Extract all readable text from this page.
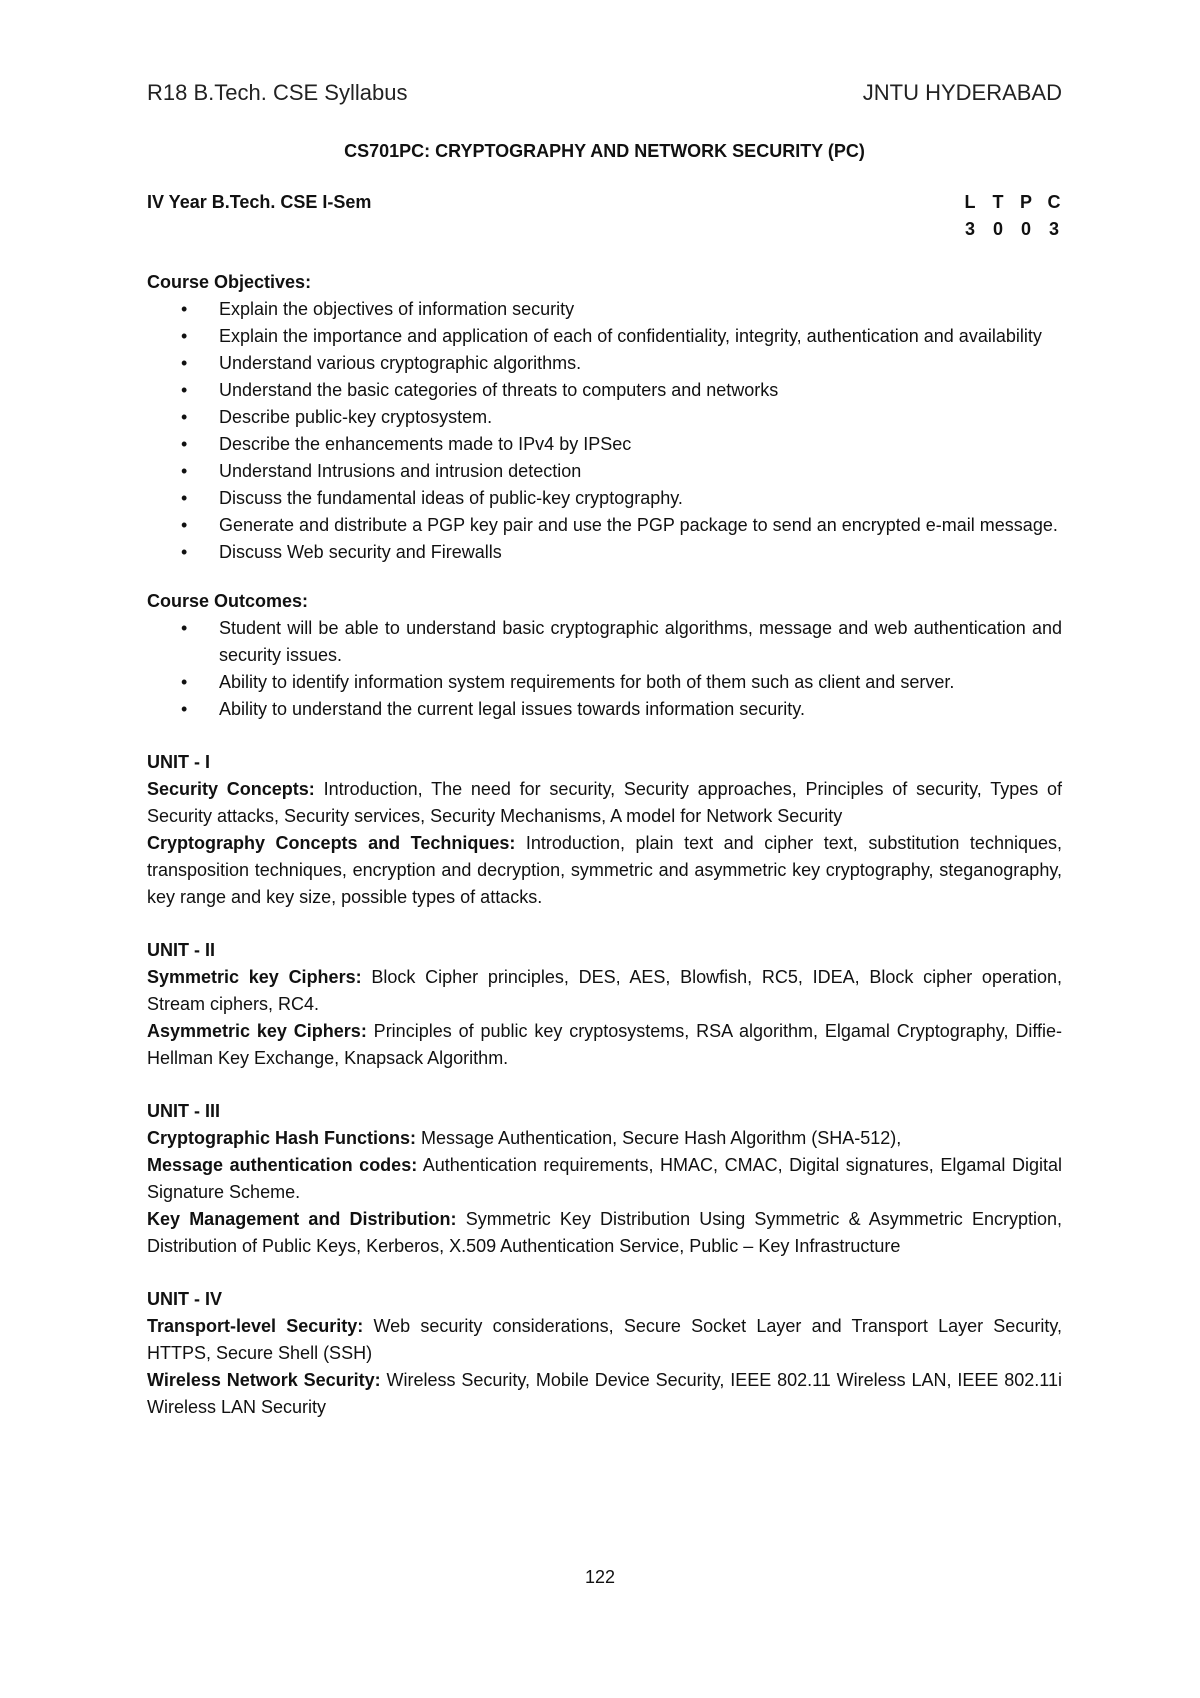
R18 B.Tech. CSE Syllabus	JNTU HYDERABAD
CS701PC: CRYPTOGRAPHY AND NETWORK SECURITY (PC)
IV Year B.Tech. CSE I-Sem	L T P C
3 0 0 3
Course Objectives:
• Explain the objectives of information security
• Explain the importance and application of each of confidentiality, integrity, authentication and availability
• Understand various cryptographic algorithms.
• Understand the basic categories of threats to computers and networks
• Describe public-key cryptosystem.
• Describe the enhancements made to IPv4 by IPSec
• Understand Intrusions and intrusion detection
• Discuss the fundamental ideas of public-key cryptography.
• Generate and distribute a PGP key pair and use the PGP package to send an encrypted e-mail message.
• Discuss Web security and Firewalls
Course Outcomes:
• Student will be able to understand basic cryptographic algorithms, message and web authentication and security issues.
• Ability to identify information system requirements for both of them such as client and server.
• Ability to understand the current legal issues towards information security.
UNIT - I

Security Concepts: Introduction, The need for security, Security approaches, Principles of security, Types of Security attacks, Security services, Security Mechanisms, A model for Network Security

Cryptography Concepts and Techniques: Introduction, plain text and cipher text, substitution techniques, transposition techniques, encryption and decryption, symmetric and asymmetric key cryptography, steganography, key range and key size, possible types of attacks.

UNIT - II

Symmetric key Ciphers: Block Cipher principles, DES, AES, Blowfish, RC5, IDEA, Block cipher operation, Stream ciphers, RC4.

Asymmetric key Ciphers: Principles of public key cryptosystems, RSA algorithm, Elgamal Cryptography, Diffie-Hellman Key Exchange, Knapsack Algorithm.

UNIT - III

Cryptographic Hash Functions: Message Authentication, Secure Hash Algorithm (SHA-512),

Message authentication codes: Authentication requirements, HMAC, CMAC, Digital signatures, Elgamal Digital Signature Scheme.

Key Management and Distribution: Symmetric Key Distribution Using Symmetric & Asymmetric Encryption, Distribution of Public Keys, Kerberos, X.509 Authentication Service, Public – Key Infrastructure

UNIT - IV

Transport-level Security: Web security considerations, Secure Socket Layer and Transport Layer Security, HTTPS, Secure Shell (SSH)

Wireless Network Security: Wireless Security, Mobile Device Security, IEEE 802.11 Wireless LAN, IEEE 802.11i Wireless LAN Security

122
